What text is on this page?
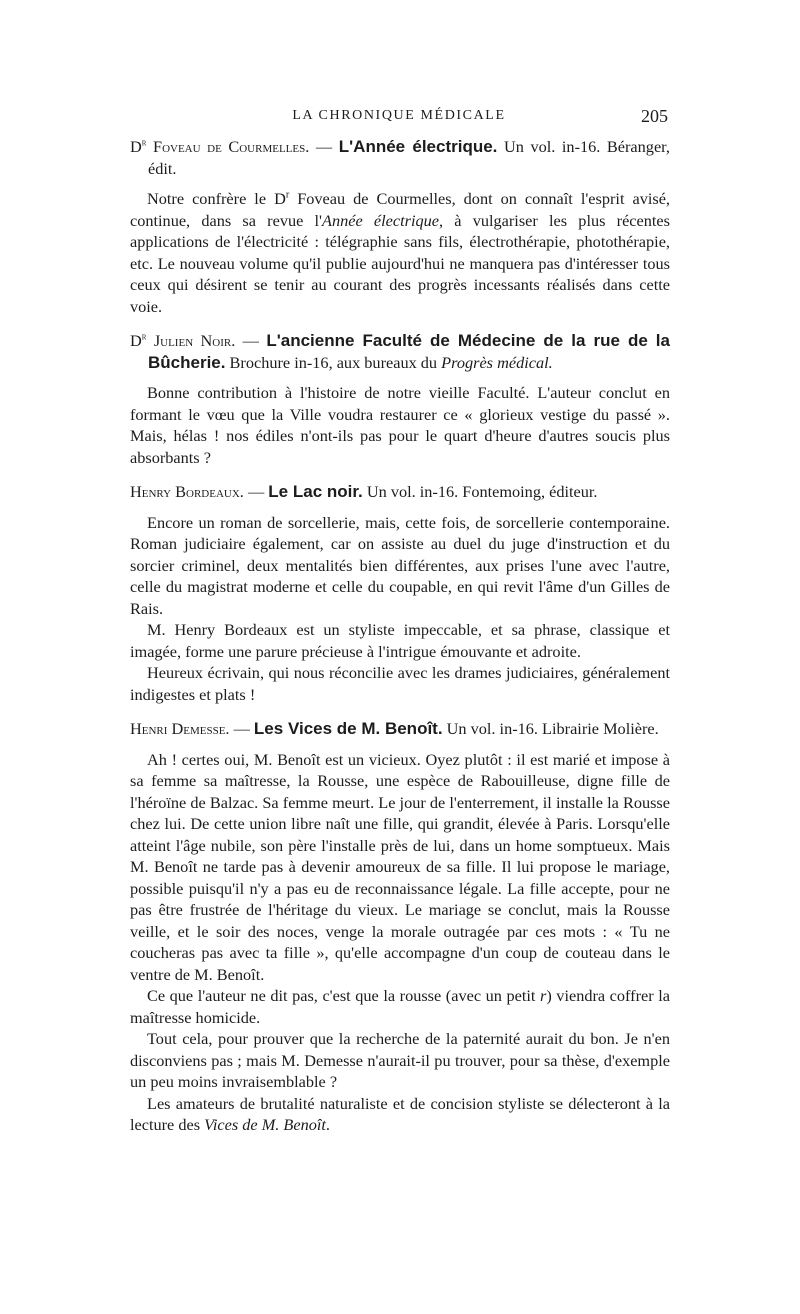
LA CHRONIQUE MÉDICALE	205

$D^r$ Foveau de Courmelles. — L'Année électrique. Un vol. in-16. Béranger, édit.

Notre confrère le $D^r$ Foveau de Courmelles, dont on connaît l'esprit avisé, continue, dans sa revue l'Année électrique, à vulgariser les plus récentes applications de l'électricité : télégraphie sans fils, électrothérapie, photothérapie, etc. Le nouveau volume qu'il publie aujourd'hui ne manquera pas d'intéresser tous ceux qui désirent se tenir au courant des progrès incessants réalisés dans cette voie.

$D^r$ Julien Noir. — L'ancienne Faculté de Médecine de la rue de la Bûcherie. Brochure in-16, aux bureaux du Progrès médical.

Bonne contribution à l'histoire de notre vieille Faculté. L'auteur conclut en formant le vœu que la Ville voudra restaurer ce « glorieux vestige du passé ». Mais, hélas ! nos édiles n'ont-ils pas pour le quart d'heure d'autres soucis plus absorbants ?

Henry Bordeaux. — Le Lac noir. Un vol. in-16. Fontemoing, éditeur.

Encore un roman de sorcellerie, mais, cette fois, de sorcellerie contemporaine. Roman judiciaire également, car on assiste au duel du juge d'instruction et du sorcier criminel, deux mentalités bien différentes, aux prises l'une avec l'autre, celle du magistrat moderne et celle du coupable, en qui revit l'âme d'un Gilles de Rais.

M. Henry Bordeaux est un styliste impeccable, et sa phrase, classique et imagée, forme une parure précieuse à l'intrigue émouvante et adroite.

Heureux écrivain, qui nous réconcilie avec les drames judiciaires, généralement indigestes et plats !

Henri Demesse. — Les Vices de M. Benoît. Un vol. in-16. Librairie Molière.

Ah ! certes oui, M. Benoît est un vicieux. Oyez plutôt : il est marié et impose à sa femme sa maîtresse, la Rousse, une espèce de Rabouilleuse, digne fille de l'héroïne de Balzac. Sa femme meurt. Le jour de l'enterrement, il installe la Rousse chez lui. De cette union libre naît une fille, qui grandit, élevée à Paris. Lorsqu'elle atteint l'âge nubile, son père l'installe près de lui, dans un home somptueux. Mais M. Benoît ne tarde pas à devenir amoureux de sa fille. Il lui propose le mariage, possible puisqu'il n'y a pas eu de reconnaissance légale. La fille accepte, pour ne pas être frustrée de l'héritage du vieux. Le mariage se conclut, mais la Rousse veille, et le soir des noces, venge la morale outragée par ces mots : « Tu ne coucheras pas avec ta fille », qu'elle accompagne d'un coup de couteau dans le ventre de M. Benoît.

Ce que l'auteur ne dit pas, c'est que la rousse (avec un petit r) viendra coffrer la maîtresse homicide.

Tout cela, pour prouver que la recherche de la paternité aurait du bon. Je n'en disconviens pas ; mais M. Demesse n'aurait-il pu trouver, pour sa thèse, d'exemple un peu moins invraisemblable ?

Les amateurs de brutalité naturaliste et de concision styliste se délecteront à la lecture des Vices de M. Benoît.
